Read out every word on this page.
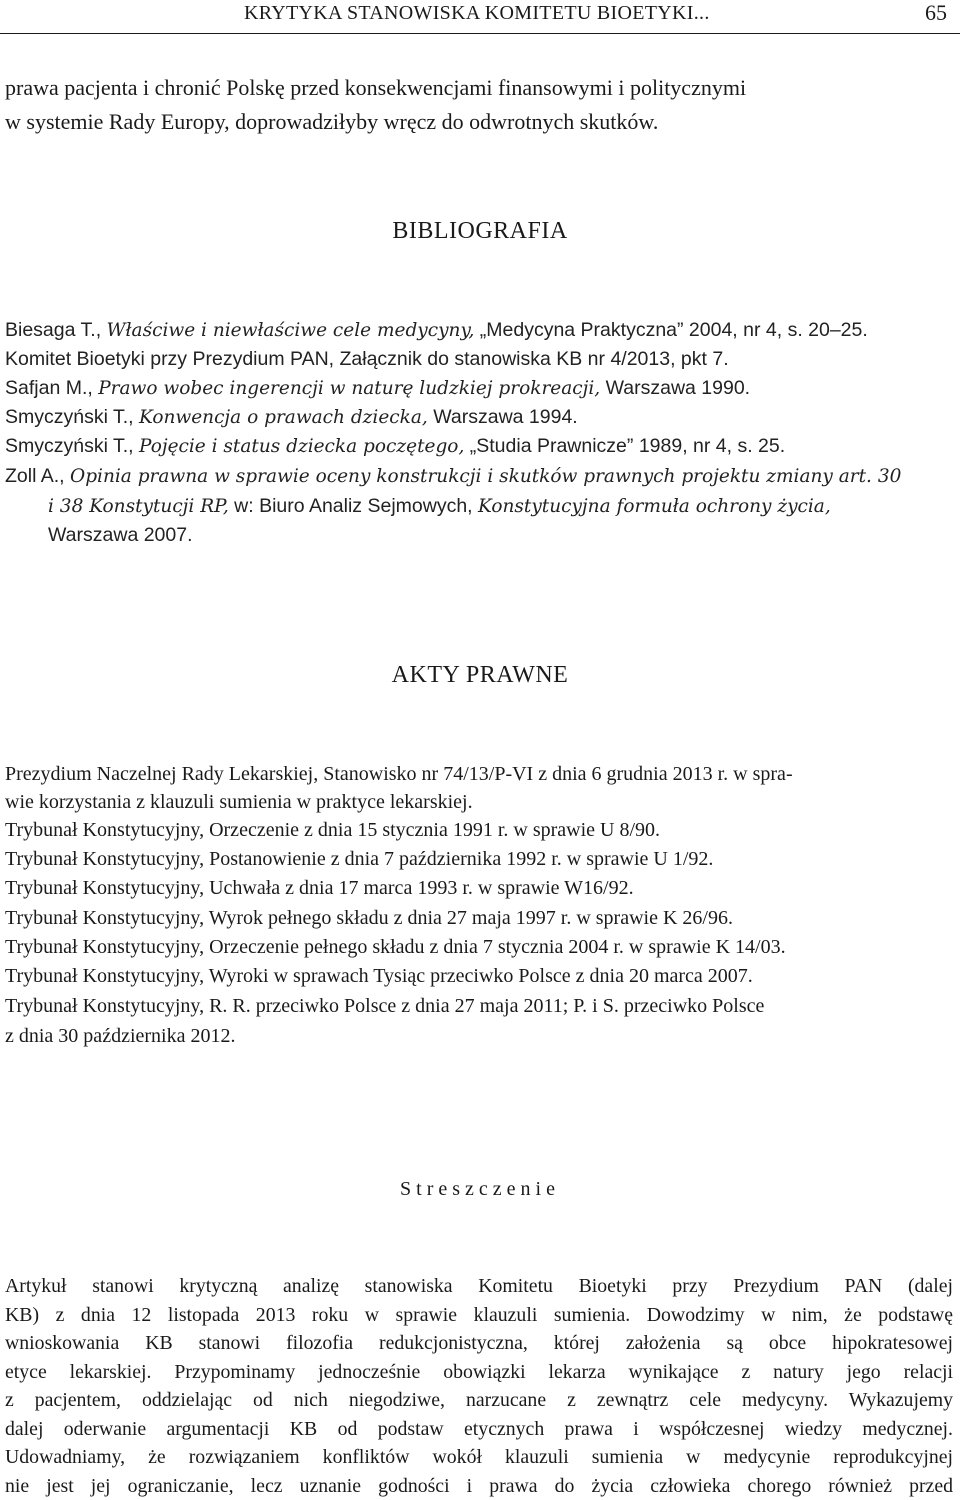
KRYTYKA STANOWISKA KOMITETU BIOETYKI...	65
prawa pacjenta i chronić Polskę przed konsekwencjami finansowymi i politycznymi
w systemie Rady Europy, doprowadziłyby wręcz do odwrotnych skutków.
BIBLIOGRAFIA
Biesaga T., Właściwe i niewłaściwe cele medycyny, „Medycyna Praktyczna” 2004, nr 4, s. 20–25.
Komitet Bioetyki przy Prezydium PAN, Załącznik do stanowiska KB nr 4/2013, pkt 7.
Safjan M., Prawo wobec ingerencji w naturę ludzkiej prokreacji, Warszawa 1990.
Smyczyński T., Konwencja o prawach dziecka, Warszawa 1994.
Smyczyński T., Pojęcie i status dziecka poczętego, „Studia Prawnicze” 1989, nr 4, s. 25.
Zoll A., Opinia prawna w sprawie oceny konstrukcji i skutków prawnych projektu zmiany art. 30
i 38 Konstytucji RP, w: Biuro Analiz Sejmowych, Konstytucyjna formuła ochrony życia,
Warszawa 2007.
AKTY PRAWNE
Prezydium Naczelnej Rady Lekarskiej, Stanowisko nr 74/13/P-VI z dnia 6 grudnia 2013 r. w spra-
wie korzystania z klauzuli sumienia w praktyce lekarskiej.
Trybunał Konstytucyjny, Orzeczenie z dnia 15 stycznia 1991 r. w sprawie U 8/90.
Trybunał Konstytucyjny, Postanowienie z dnia 7 października 1992 r. w sprawie U 1/92.
Trybunał Konstytucyjny, Uchwała z dnia 17 marca 1993 r. w sprawie W16/92.
Trybunał Konstytucyjny, Wyrok pełnego składu z dnia 27 maja 1997 r. w sprawie K 26/96.
Trybunał Konstytucyjny, Orzeczenie pełnego składu z dnia 7 stycznia 2004 r. w sprawie K 14/03.
Trybunał Konstytucyjny, Wyroki w sprawach Tysiąc przeciwko Polsce z dnia 20 marca 2007.
Trybunał Konstytucyjny, R. R. przeciwko Polsce z dnia 27 maja 2011; P. i S. przeciwko Polsce
z dnia 30 października 2012.
Streszczenie
Artykuł stanowi krytyczną analizę stanowiska Komitetu Bioetyki przy Prezydium PAN (dalej
KB) z dnia 12 listopada 2013 roku w sprawie klauzuli sumienia. Dowodzimy w nim, że podstawę
wnioskowania KB stanowi filozofia redukcjonistyczna, której założenia są obce hipokratesowej
etyce lekarskiej. Przypominamy jednocześnie obowiązki lekarza wynikające z natury jego relacji
z pacjentem, oddzielając od nich niegodziwe, narzucane z zewnątrz cele medycyny. Wykazujemy
dalej oderwanie argumentacji KB od podstaw etycznych prawa i współczesnej wiedzy medycznej.
Udowadniamy, że rozwiązaniem konfliktów wokół klauzuli sumienia w medycynie reprodukcyjnej
nie jest jej ograniczanie, lecz uznanie godności i prawa do życia człowieka chorego również przed
